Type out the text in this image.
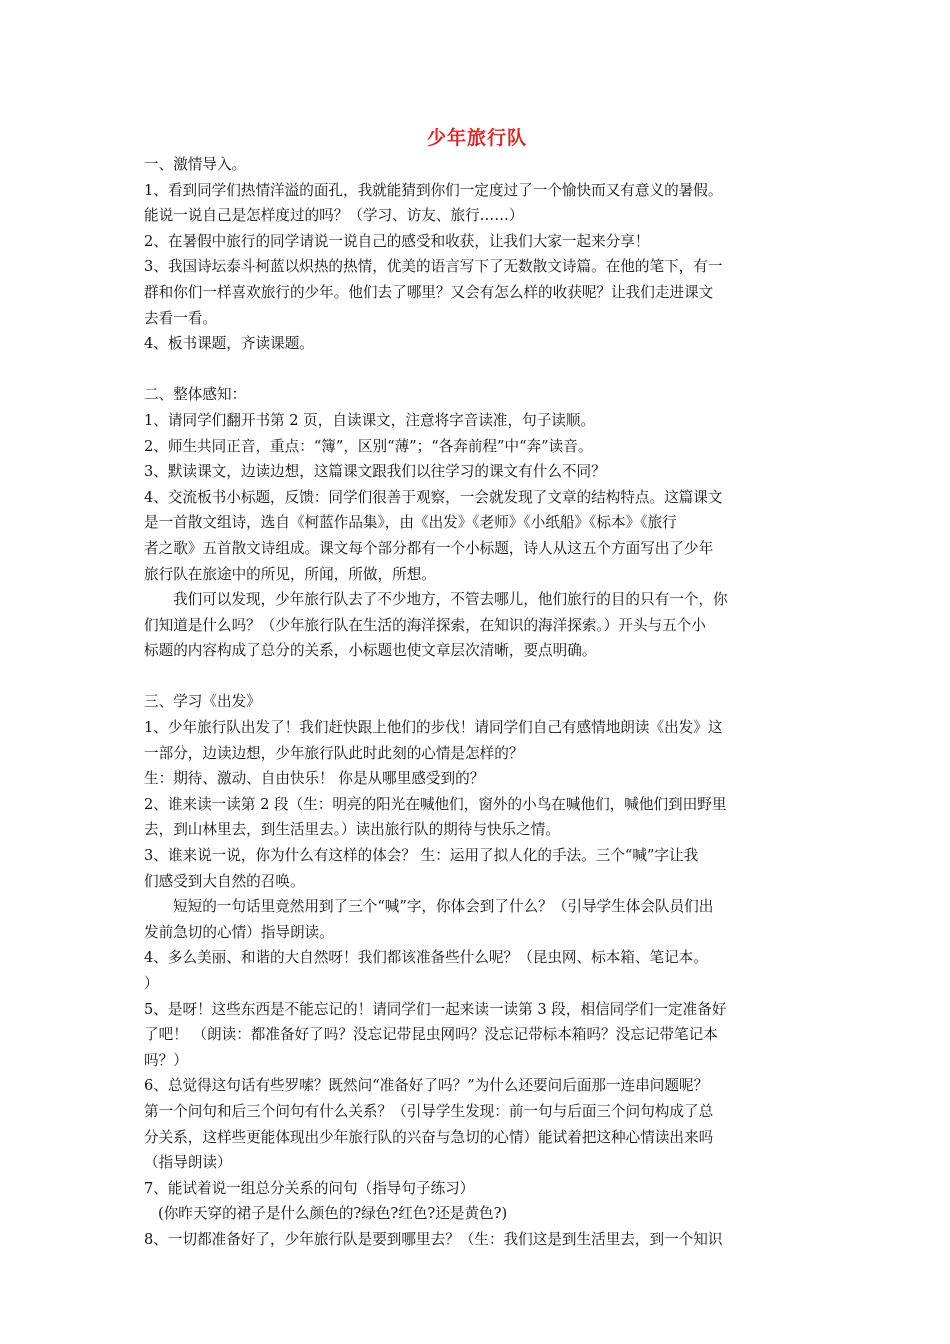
少年旅行队
一、激情导入。
1、看到同学们热情洋溢的面孔，我就能猜到你们一定度过了一个愉快而又有意义的暑假。
能说一说自己是怎样度过的吗？（学习、访友、旅行……）
2、在暑假中旅行的同学请说一说自己的感受和收获，让我们大家一起来分享！
3、我国诗坛泰斗柯蓝以炽热的热情，优美的语言写下了无数散文诗篇。在他的笔下，有一
群和你们一样喜欢旅行的少年。他们去了哪里？又会有怎么样的收获呢？让我们走进课文
去看一看。
4、板书课题，齐读课题。
二、整体感知：
1、请同学们翻开书第 2 页，自读课文，注意将字音读准，句子读顺。
2、师生共同正音，重点：“簿”，区别“薄”；“各奔前程”中“奔”读音。
3、默读课文，边读边想，这篇课文跟我们以往学习的课文有什么不同？
4、交流板书小标题，反馈：同学们很善于观察，一会就发现了文章的结构特点。这篇课文
是一首散文组诗，选自《柯蓝作品集》，由《出发》《老师》《小纸船》《标本》《旅行
者之歌》五首散文诗组成。课文每个部分都有一个小标题，诗人从这五个方面写出了少年
旅行队在旅途中的所见，所闻，所做，所想。
我们可以发现，少年旅行队去了不少地方，不管去哪儿，他们旅行的目的只有一个，你
们知道是什么吗？（少年旅行队在生活的海洋探索，在知识的海洋探索。）开头与五个小
标题的内容构成了总分的关系，小标题也使文章层次清晰，要点明确。
三、学习《出发》
1、少年旅行队出发了！我们赶快跟上他们的步伐！请同学们自己有感情地朗读《出发》这
一部分，边读边想，少年旅行队此时此刻的心情是怎样的？
生：期待、激动、自由快乐！ 你是从哪里感受到的？
2、谁来读一读第 2 段（生：明亮的阳光在喊他们，窗外的小鸟在喊他们，喊他们到田野里
去，到山林里去，到生活里去。）读出旅行队的期待与快乐之情。
3、谁来说一说，你为什么有这样的体会？ 生：运用了拟人化的手法。三个“喊”字让我
们感受到大自然的召唤。
短短的一句话里竟然用到了三个“喊”字，你体会到了什么？（引导学生体会队员们出
发前急切的心情）指导朗读。
4、多么美丽、和谐的大自然呀！我们都该准备些什么呢？（昆虫网、标本箱、笔记本。
）
5、是呀！这些东西是不能忘记的！请同学们一起来读一读第 3 段，相信同学们一定准备好
了吧！ （朗读：都准备好了吗？没忘记带昆虫网吗？没忘记带标本箱吗？没忘记带笔记本
吗？）
6、总觉得这句话有些罗嗦？既然问“准备好了吗？”为什么还要问后面那一连串问题呢？
第一个问句和后三个问句有什么关系？（引导学生发现：前一句与后面三个问句构成了总
分关系，这样些更能体现出少年旅行队的兴奋与急切的心情）能试着把这种心情读出来吗
（指导朗读）
7、能试着说一组总分关系的问句（指导句子练习）
(你昨天穿的裙子是什么颜色的?绿色?红色?还是黄色?)
8、一切都准备好了，少年旅行队是要到哪里去？（生：我们这是到生活里去，到一个知识
